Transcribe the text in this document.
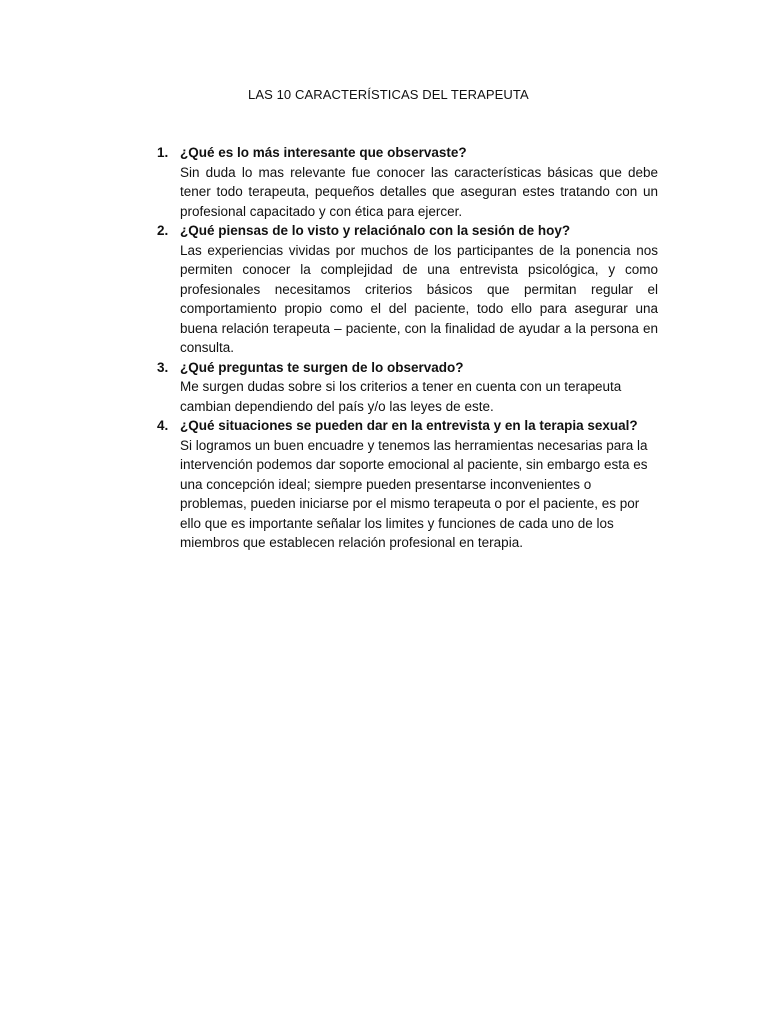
LAS 10 CARACTERÍSTICAS DEL TERAPEUTA
1. ¿Qué es lo más interesante que observaste?

Sin duda lo mas relevante fue conocer las características básicas que debe tener todo terapeuta, pequeños detalles que aseguran estes tratando con un profesional capacitado y con ética para ejercer.

2. ¿Qué piensas de lo visto y relaciónalo con la sesión de hoy?

Las experiencias vividas por muchos de los participantes de la ponencia nos permiten conocer la complejidad de una entrevista psicológica, y como profesionales necesitamos criterios básicos que permitan regular el comportamiento propio como el del paciente, todo ello para asegurar una buena relación terapeuta – paciente, con la finalidad de ayudar a la persona en consulta.

3. ¿Qué preguntas te surgen de lo observado?

Me surgen dudas sobre si los criterios a tener en cuenta con un terapeuta cambian dependiendo del país y/o las leyes de este.

4. ¿Qué situaciones se pueden dar en la entrevista y en la terapia sexual?

Si logramos un buen encuadre y tenemos las herramientas necesarias para la intervención podemos dar soporte emocional al paciente, sin embargo esta es una concepción ideal; siempre pueden presentarse inconvenientes o problemas, pueden iniciarse por el mismo terapeuta o por el paciente, es por ello que es importante señalar los limites y funciones de cada uno de los miembros que establecen relación profesional en terapia.
